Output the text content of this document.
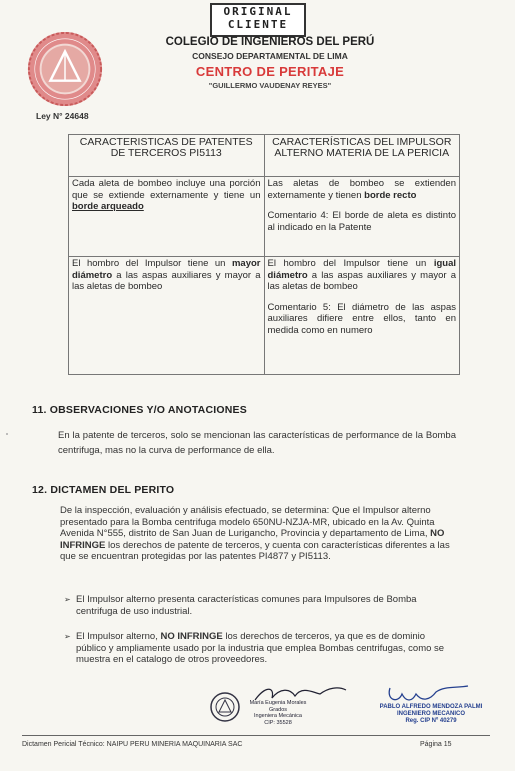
ORIGINAL CLIENTE
Ley N° 24648
COLEGIO DE INGENIEROS DEL PERÚ
CONSEJO DEPARTAMENTAL DE LIMA
CENTRO DE PERITAJE
"GUILLERMO VAUDENAY REYES"
CARACTERISTICAS DE PATENTES DE TERCEROS PI5113	CARACTERÍSTICAS DEL IMPULSOR ALTERNO MATERIA DE LA PERICIA
Cada aleta de bombeo incluye una porción que se extiende externamente y tiene un borde arqueado	Las aletas de bombeo se extienden externamente y tienen borde recto
Comentario 4: El borde de aleta es distinto al indicado en la Patente

El hombro del Impulsor tiene un mayor diámetro a las aspas auxiliares y mayor a las aletas de bombeo	El hombro del Impulsor tiene un igual diámetro a las aspas auxiliares y mayor a las aletas de bombeo
Comentario 5: El diámetro de las aspas auxiliares difiere entre ellos, tanto en medida como en numero
11. OBSERVACIONES Y/O ANOTACIONES
En la patente de terceros, solo se mencionan las características de performance de la Bomba centrifuga, mas no la curva de performance de ella.
12. DICTAMEN DEL PERITO
De la inspección, evaluación y análisis efectuado, se determina: Que el Impulsor alterno presentado para la Bomba centrifuga modelo 650NU-NZJA-MR, ubicado en la Av. Quinta Avenida N°555, distrito de San Juan de Lurigancho, Provincia y departamento de Lima, NO INFRINGE los derechos de patente de terceros, y cuenta con características diferentes a las que se encuentran protegidas por las patentes PI4877 y PI5113.
➢ El Impulsor alterno presenta características comunes para Impulsores de Bomba centrifuga de uso industrial.
➢ El Impulsor alterno, NO INFRINGE los derechos de terceros, ya que es de dominio público y ampliamente usado por la industria que emplea Bombas centrifugas, como se muestra en el catalogo de otros proveedores.
María Eugenia Morales Grados
Ingeniera Mecánica
CIP: 35528
PABLO ALFREDO MENDOZA PALMI
INGENIERO MECANICO
Reg. CIP Nº 40279
Dictamen Pericial Técnico: NAIPU PERU MINERIA MAQUINARIA SAC	Página 15
